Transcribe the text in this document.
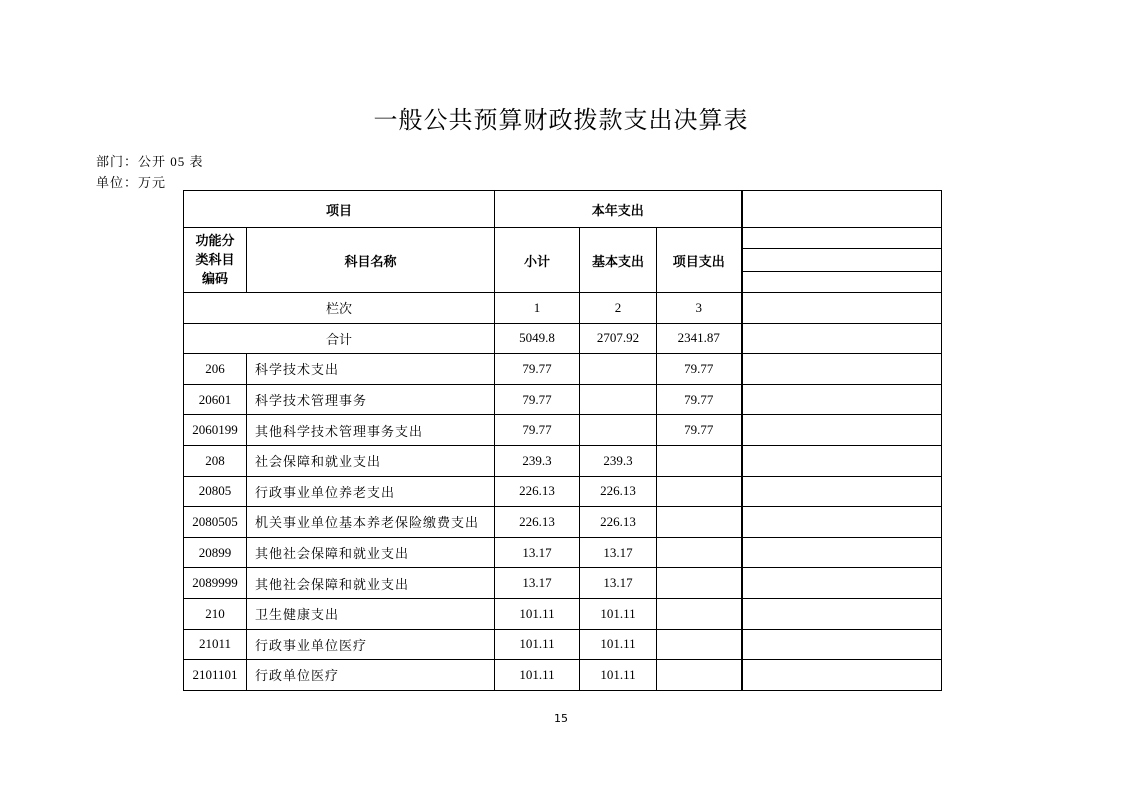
一般公共预算财政拨款支出决算表
部门：公开 05 表
单位：万元
项目		本年支出			
功能分
类科目
编码	科目名称	小计	基本支出	项目支出	

栏次		1	2	3	
合计		5049.8	2707.92	2341.87	
206	科学技术支出	79.77		79.77	
20601	科学技术管理事务	79.77		79.77	
2060199	其他科学技术管理事务支出	79.77		79.77	
208	社会保障和就业支出	239.3	239.3		
20805	行政事业单位养老支出	226.13	226.13		
2080505	机关事业单位基本养老保险缴费支出	226.13	226.13		
20899	其他社会保障和就业支出	13.17	13.17		
2089999	其他社会保障和就业支出	13.17	13.17		
210	卫生健康支出	101.11	101.11		
21011	行政事业单位医疗	101.11	101.11		
2101101	行政单位医疗	101.11	101.11		
15
